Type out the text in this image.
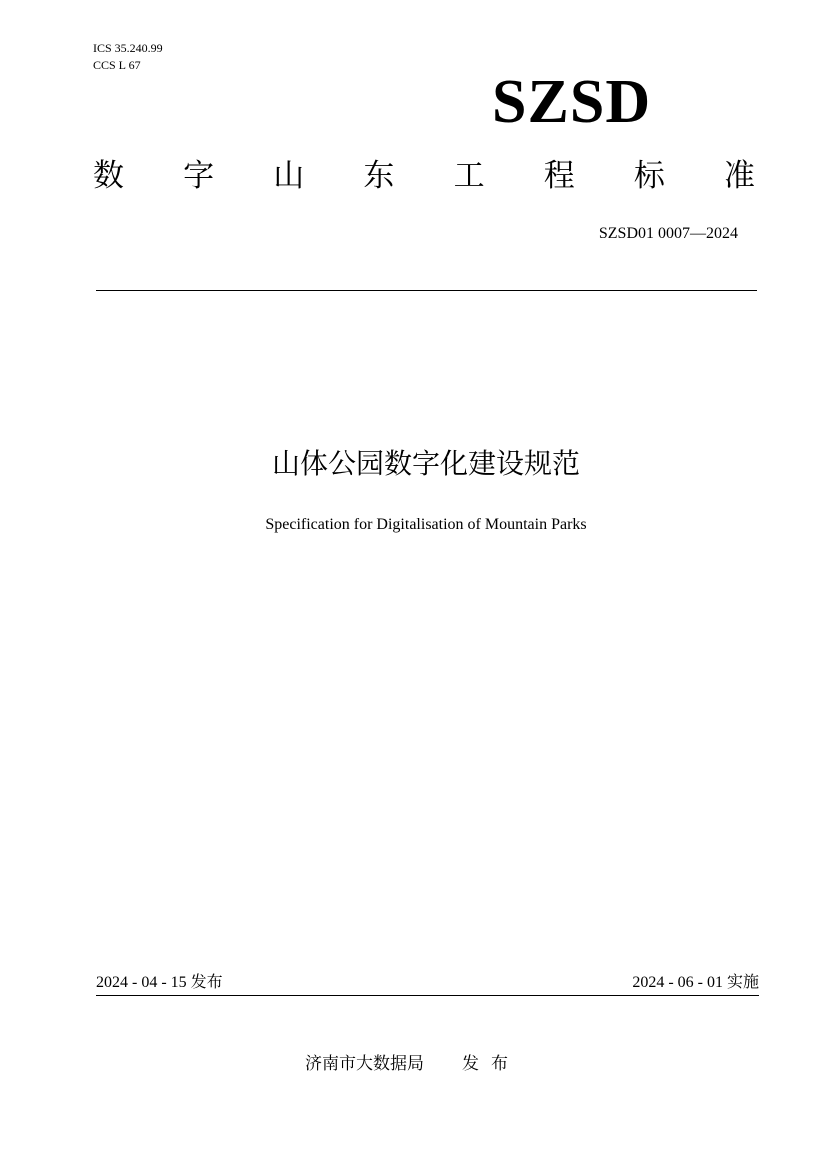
ICS 35.240.99
CCS L 67
SZSD
数 字 山 东 工 程 标 准
SZSD01 0007—2024
山体公园数字化建设规范
Specification for Digitalisation of Mountain Parks
2024 - 04 - 15 发布	2024 - 06 - 01 实施
济南市大数据局 发布
